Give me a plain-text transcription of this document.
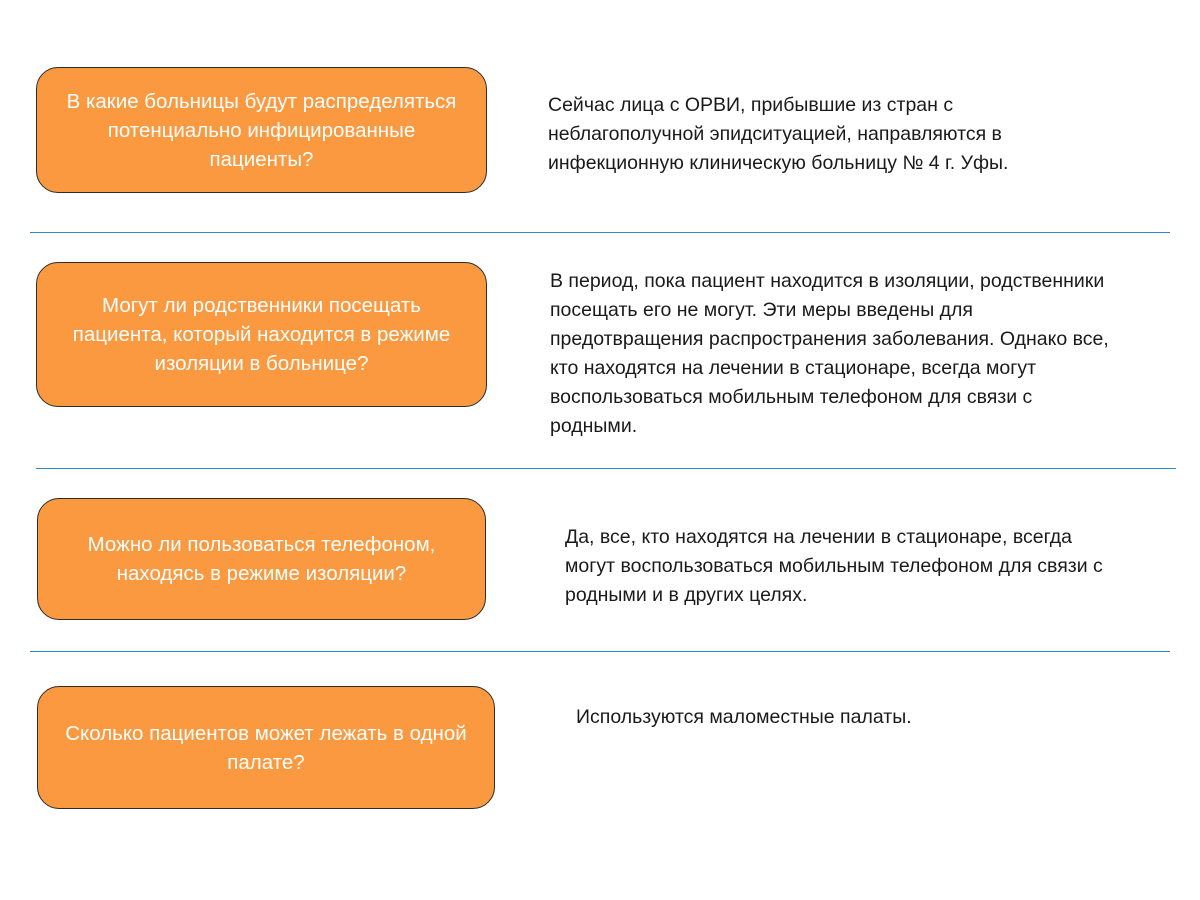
В какие больницы будут распределяться
потенциально инфицированные
пациенты?
Сейчас лица с ОРВИ, прибывшие из стран с
неблагополучной эпидситуацией, направляются в
инфекционную клиническую больницу № 4 г. Уфы.
Могут ли родственники посещать
пациента, который находится в режиме
изоляции в больнице?
В период, пока пациент находится в изоляции, родственники
посещать его не могут. Эти меры введены для
предотвращения распространения заболевания. Однако все,
кто находятся на лечении в стационаре, всегда могут
воспользоваться мобильным телефоном для связи с
родными.
Можно ли пользоваться телефоном,
находясь в режиме изоляции?
Да, все, кто находятся на лечении в стационаре, всегда
могут воспользоваться мобильным телефоном для связи с
родными и в других целях.
Сколько пациентов может лежать в одной
палате?
Используются маломестные палаты.
